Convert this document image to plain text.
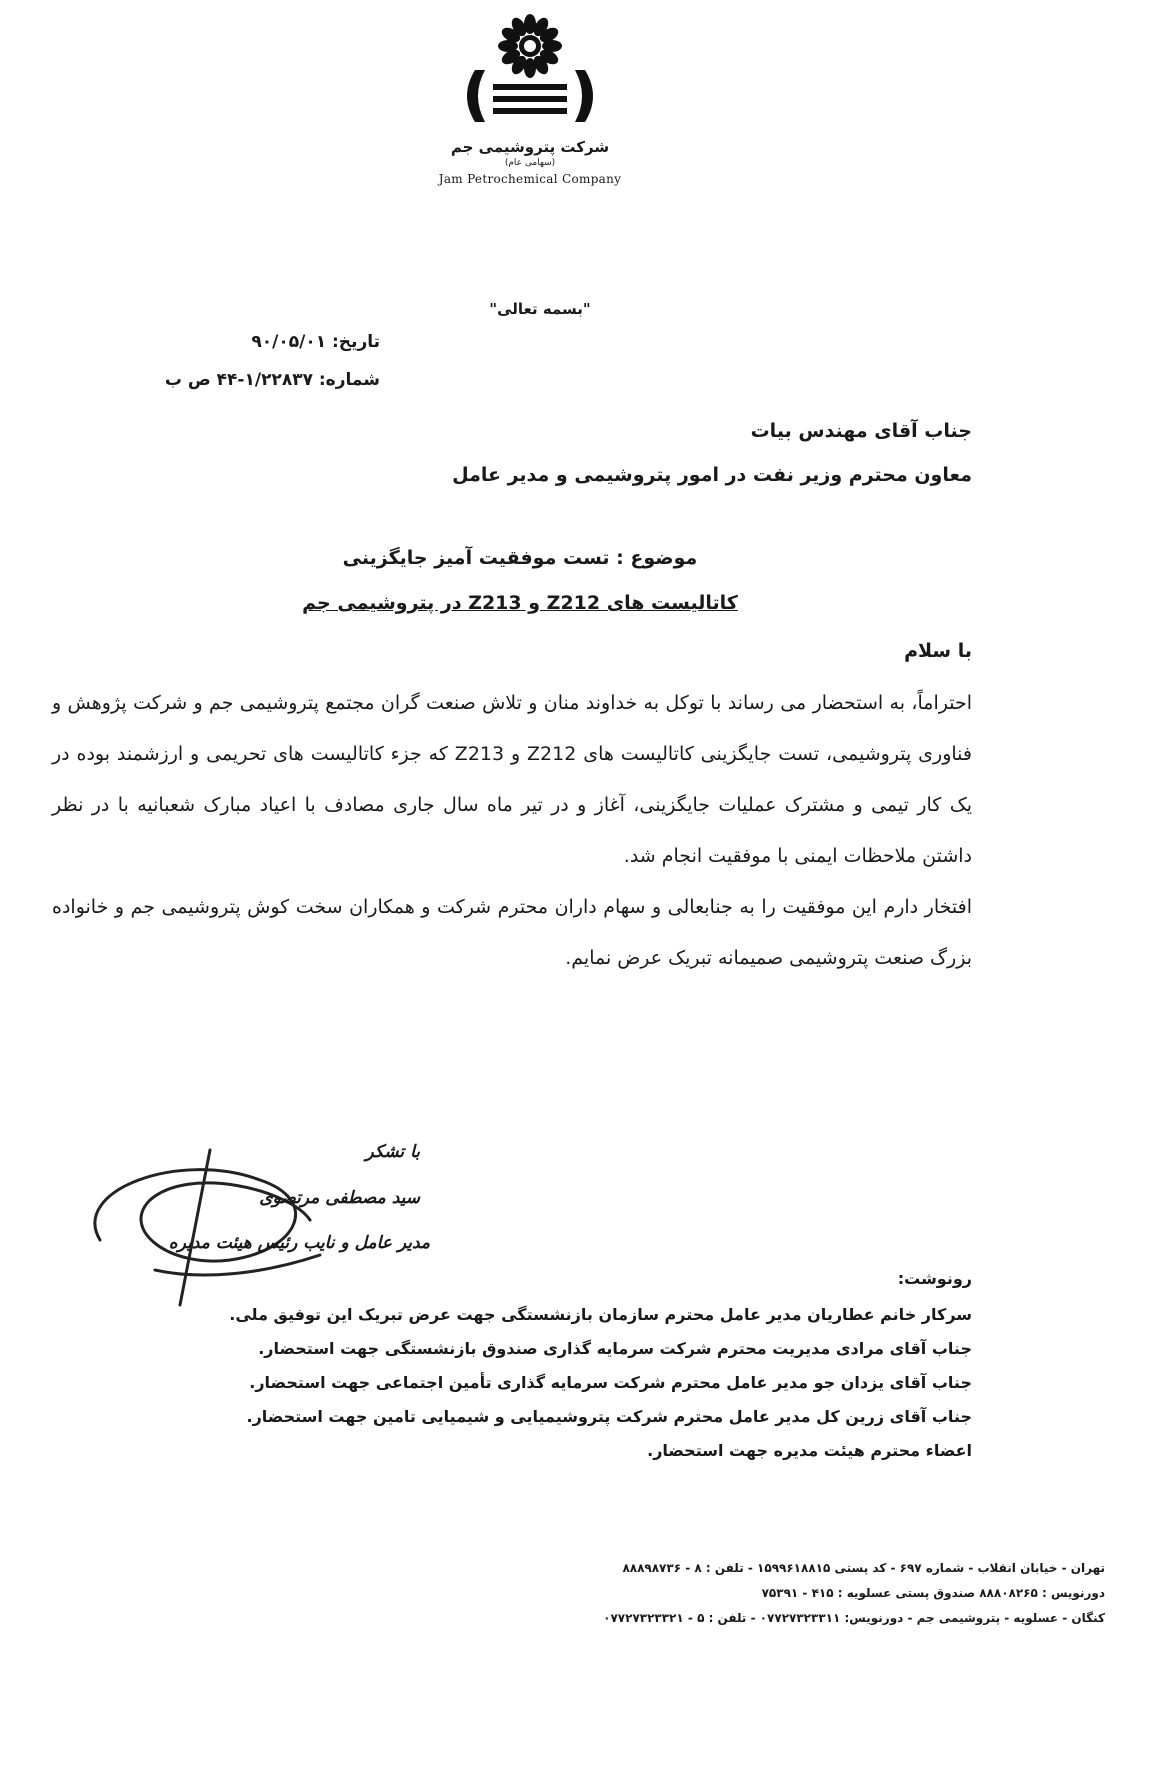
شرکت پتروشیمی جم
(سهامی عام)
Jam Petrochemical Company
"بسمه تعالی"
تاریخ: ۹۰/۰۵/۰۱
شماره: ۱/۲۲۸۳۷-۴۴ ص ب
جناب آقای مهندس بیات
معاون محترم وزیر نفت در امور پتروشیمی و مدیر عامل
موضوع : تست موفقیت آمیز جایگزینی
کاتالیست های Z212 و Z213 در پتروشیمی جم
با سلام

احتراماً، به استحضار می رساند با توکل به خداوند منان و تلاش صنعت گران مجتمع پتروشیمی جم و شرکت پژوهش و فناوری پتروشیمی، تست جایگزینی کاتالیست های Z212 و Z213 که جزء کاتالیست های تحریمی و ارزشمند بوده در یک کار تیمی و مشترک عملیات جایگزینی، آغاز و در تیر ماه سال جاری مصادف با اعیاد مبارک شعبانیه با در نظر داشتن ملاحظات ایمنی با موفقیت انجام شد.

افتخار دارم این موفقیت را به جنابعالی و سهام داران محترم شرکت و همکاران سخت کوش پتروشیمی جم و خانواده بزرگ صنعت پتروشیمی صمیمانه تبریک عرض نمایم.

با تشکر
سید مصطفی مرتضوی
مدیر عامل و نایب رئیس هیئت مدیره
رونوشت:
سرکار خانم عطاریان مدیر عامل محترم سازمان بازنشستگی جهت عرض تبریک این توفیق ملی.
جناب آقای مرادی مدیریت محترم شرکت سرمایه گذاری صندوق بازنشستگی جهت استحضار.
جناب آقای یزدان جو مدیر عامل محترم شرکت سرمایه گذاری تأمین اجتماعی جهت استحضار.
جناب آقای زرین کل مدیر عامل محترم شرکت پتروشیمیایی و شیمیایی تامین جهت استحضار.
اعضاء محترم هیئت مدیره جهت استحضار.
تهران - خیابان انقلاب - شماره ۶۹۷ - کد پستی ۱۵۹۹۶۱۸۸۱۵ - تلفن : ۸ - ۸۸۸۹۸۷۳۶
دورنویس : ۸۸۸۰۸۲۶۵ صندوق پستی عسلویه : ۴۱۵ - ۷۵۳۹۱
کنگان - عسلویه - پتروشیمی جم - دورنویس: ۰۷۷۲۷۳۲۳۳۱۱ - تلفن : ۵ - ۰۷۷۲۷۳۲۳۳۲۱
